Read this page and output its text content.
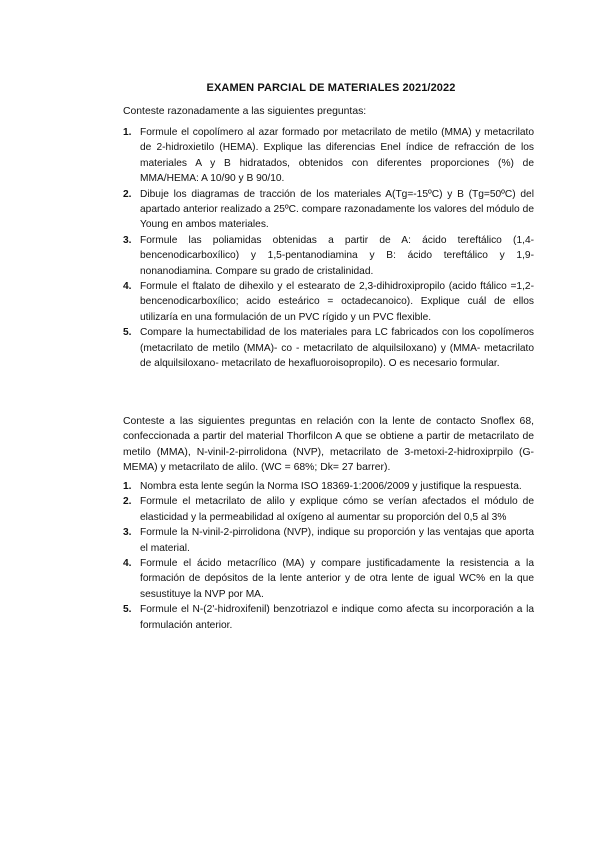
EXAMEN PARCIAL DE MATERIALES 2021/2022
Conteste razonadamente a las siguientes preguntas:
1. Formule el copolímero al azar formado por metacrilato de metilo (MMA) y metacrilato de 2-hidroxietilo (HEMA). Explique las diferencias Enel índice de refracción de los materiales A y B hidratados, obtenidos con diferentes proporciones (%) de MMA/HEMA: A 10/90 y B 90/10.
2. Dibuje los diagramas de tracción de los materiales A(Tg=-15ºC) y B (Tg=50ºC) del apartado anterior realizado a 25ºC. compare razonadamente los valores del módulo de Young en ambos materiales.
3. Formule las poliamidas obtenidas a partir de A: ácido tereftálico (1,4-bencenodicarboxílico) y 1,5-pentanodiamina y B: ácido tereftálico y 1,9- nonanodiamina. Compare su grado de cristalinidad.
4. Formule el ftalato de dihexilo y el estearato de 2,3-dihidroxipropilo (acido ftálico =1,2-bencenodicarboxílico; acido esteárico = octadecanoico). Explique cuál de ellos utilizaría en una formulación de un PVC rígido y un PVC flexible.
5. Compare la humectabilidad de los materiales para LC fabricados con los copolímeros (metacrilato de metilo (MMA)- co - metacrilato de alquilsiloxano) y (MMA- metacrilato de alquilsiloxano- metacrilato de hexafluoroisopropilo). O es necesario formular.
Conteste a las siguientes preguntas en relación con la lente de contacto Snoflex 68, confeccionada a partir del material Thorfilcon A que se obtiene a partir de metacrilato de metilo (MMA), N-vinil-2-pirrolidona (NVP), metacrilato de 3-metoxi-2-hidroxiprpilo (G-MEMA) y metacrilato de alilo. (WC = 68%; Dk= 27 barrer).
1. Nombra esta lente según la Norma ISO 18369-1:2006/2009 y justifique la respuesta.
2. Formule el metacrilato de alilo y explique cómo se verían afectados el módulo de elasticidad y la permeabilidad al oxígeno al aumentar su proporción del 0,5 al 3%
3. Formule la N-vinil-2-pirrolidona (NVP), indique su proporción y las ventajas que aporta el material.
4. Formule el ácido metacrílico (MA) y compare justificadamente la resistencia a la formación de depósitos de la lente anterior y de otra lente de igual WC% en la que sesustituye la NVP por MA.
5. Formule el N-(2'-hidroxifenil) benzotriazol e indique como afecta su incorporación a la formulación anterior.
